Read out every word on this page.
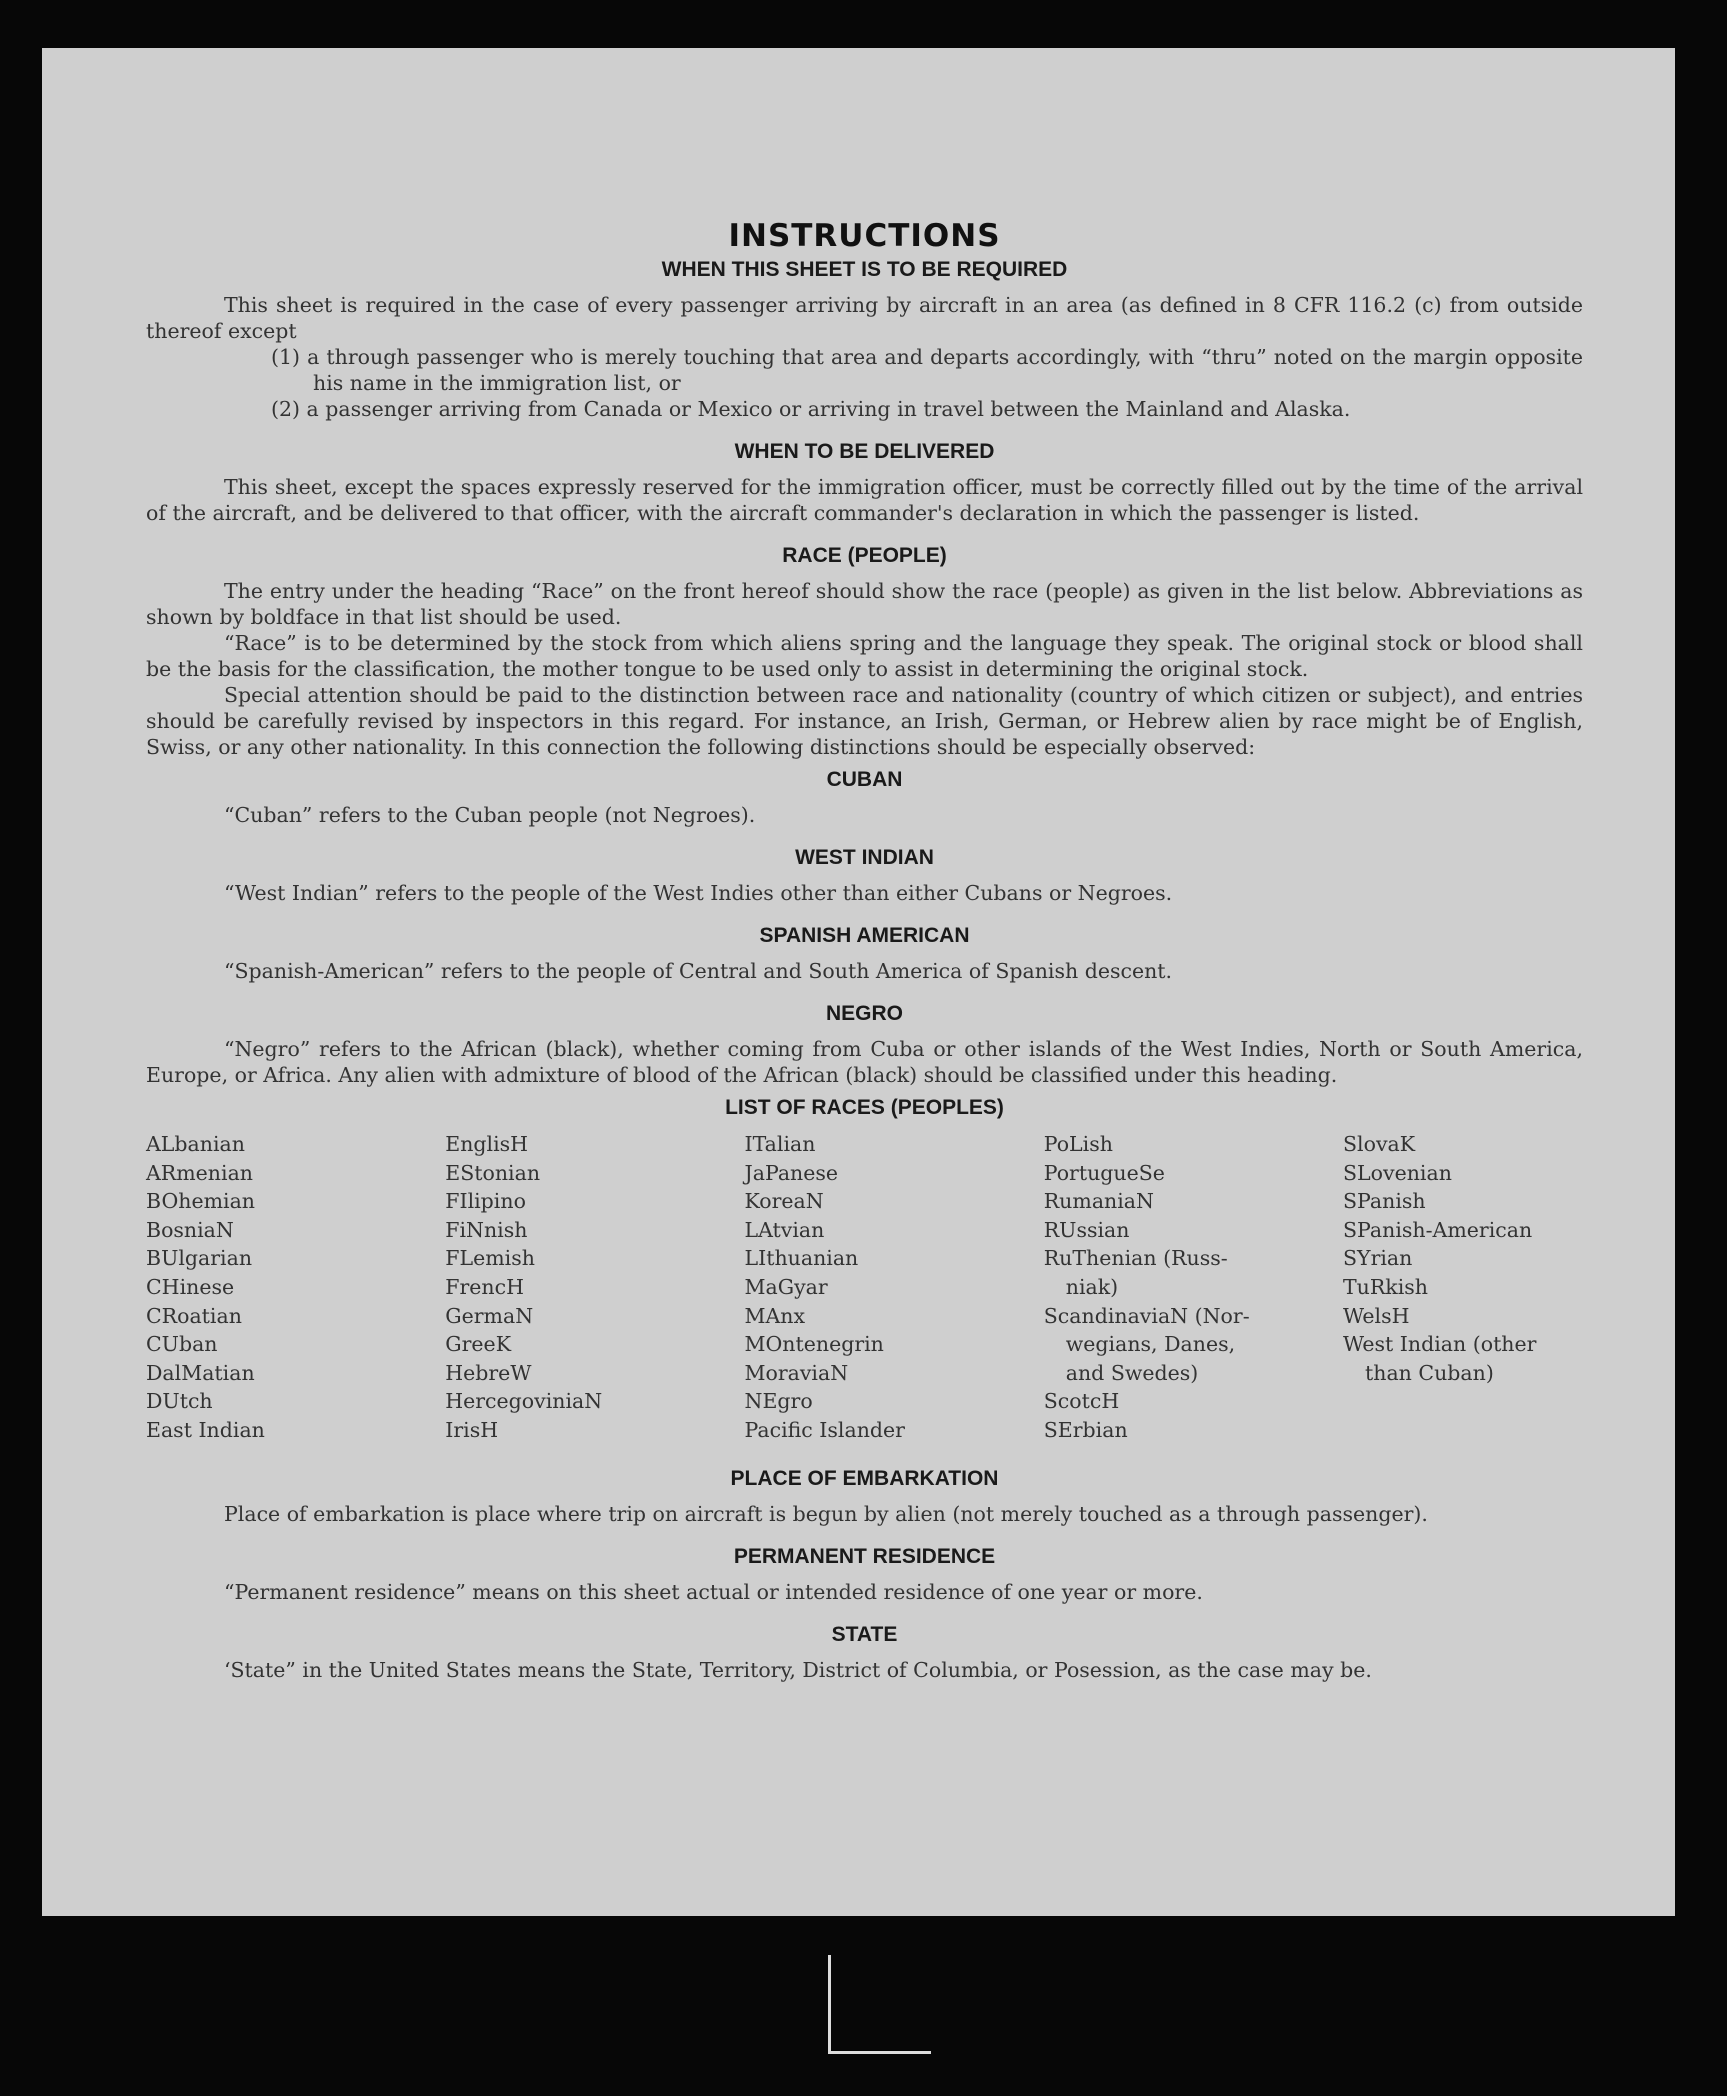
INSTRUCTIONS
WHEN THIS SHEET IS TO BE REQUIRED

This sheet is required in the case of every passenger arriving by aircraft in an area (as defined in 8 CFR 116.2 (c) from outside thereof except

(1) a through passenger who is merely touching that area and departs accordingly, with “thru” noted on the margin opposite his name in the immigration list, or

(2) a passenger arriving from Canada or Mexico or arriving in travel between the Mainland and Alaska.

WHEN TO BE DELIVERED

This sheet, except the spaces expressly reserved for the immigration officer, must be correctly filled out by the time of the arrival of the aircraft, and be delivered to that officer, with the aircraft commander's declaration in which the passenger is listed.

RACE (PEOPLE)

The entry under the heading “Race” on the front hereof should show the race (people) as given in the list below. Abbreviations as shown by boldface in that list should be used.

“Race” is to be determined by the stock from which aliens spring and the language they speak. The original stock or blood shall be the basis for the classification, the mother tongue to be used only to assist in determining the original stock.

Special attention should be paid to the distinction between race and nationality (country of which citizen or subject), and entries should be carefully revised by inspectors in this regard. For instance, an Irish, German, or Hebrew alien by race might be of English, Swiss, or any other nationality. In this connection the following distinctions should be especially observed:

CUBAN

“Cuban” refers to the Cuban people (not Negroes).

WEST INDIAN

“West Indian” refers to the people of the West Indies other than either Cubans or Negroes.

SPANISH AMERICAN

“Spanish-American” refers to the people of Central and South America of Spanish descent.

NEGRO

“Negro” refers to the African (black), whether coming from Cuba or other islands of the West Indies, North or South America, Europe, or Africa. Any alien with admixture of blood of the African (black) should be classified under this heading.

LIST OF RACES (PEOPLES)
ALbanian
ARmenian
BOhemian
BosniaN
BUlgarian
CHinese
CRoatian
CUban
DalMatian
DUtch
East Indian
EnglisH
EStonian
FIlipino
FiNnish
FLemish
FrencH
GermaN
GreeK
HebreW
HercegoviniaN
IrisH
ITalian
JaPanese
KoreaN
LAtvian
LIthuanian
MaGyar
MAnx
MOntenegrin
MoraviaN
NEgro
Pacific Islander
PoLish
PortugueSe
RumaniaN
RUssian
RuThenian (Russ-
niak)
ScandinaviaN (Nor-
wegians, Danes,
and Swedes)
ScotcH
SErbian
SlovaK
SLovenian
SPanish
SPanish-American
SYrian
TuRkish
WelsH
West Indian (other
than Cuban)
PLACE OF EMBARKATION

Place of embarkation is place where trip on aircraft is begun by alien (not merely touched as a through passenger).

PERMANENT RESIDENCE

“Permanent residence” means on this sheet actual or intended residence of one year or more.

STATE

‘State” in the United States means the State, Territory, District of Columbia, or Posession, as the case may be.
